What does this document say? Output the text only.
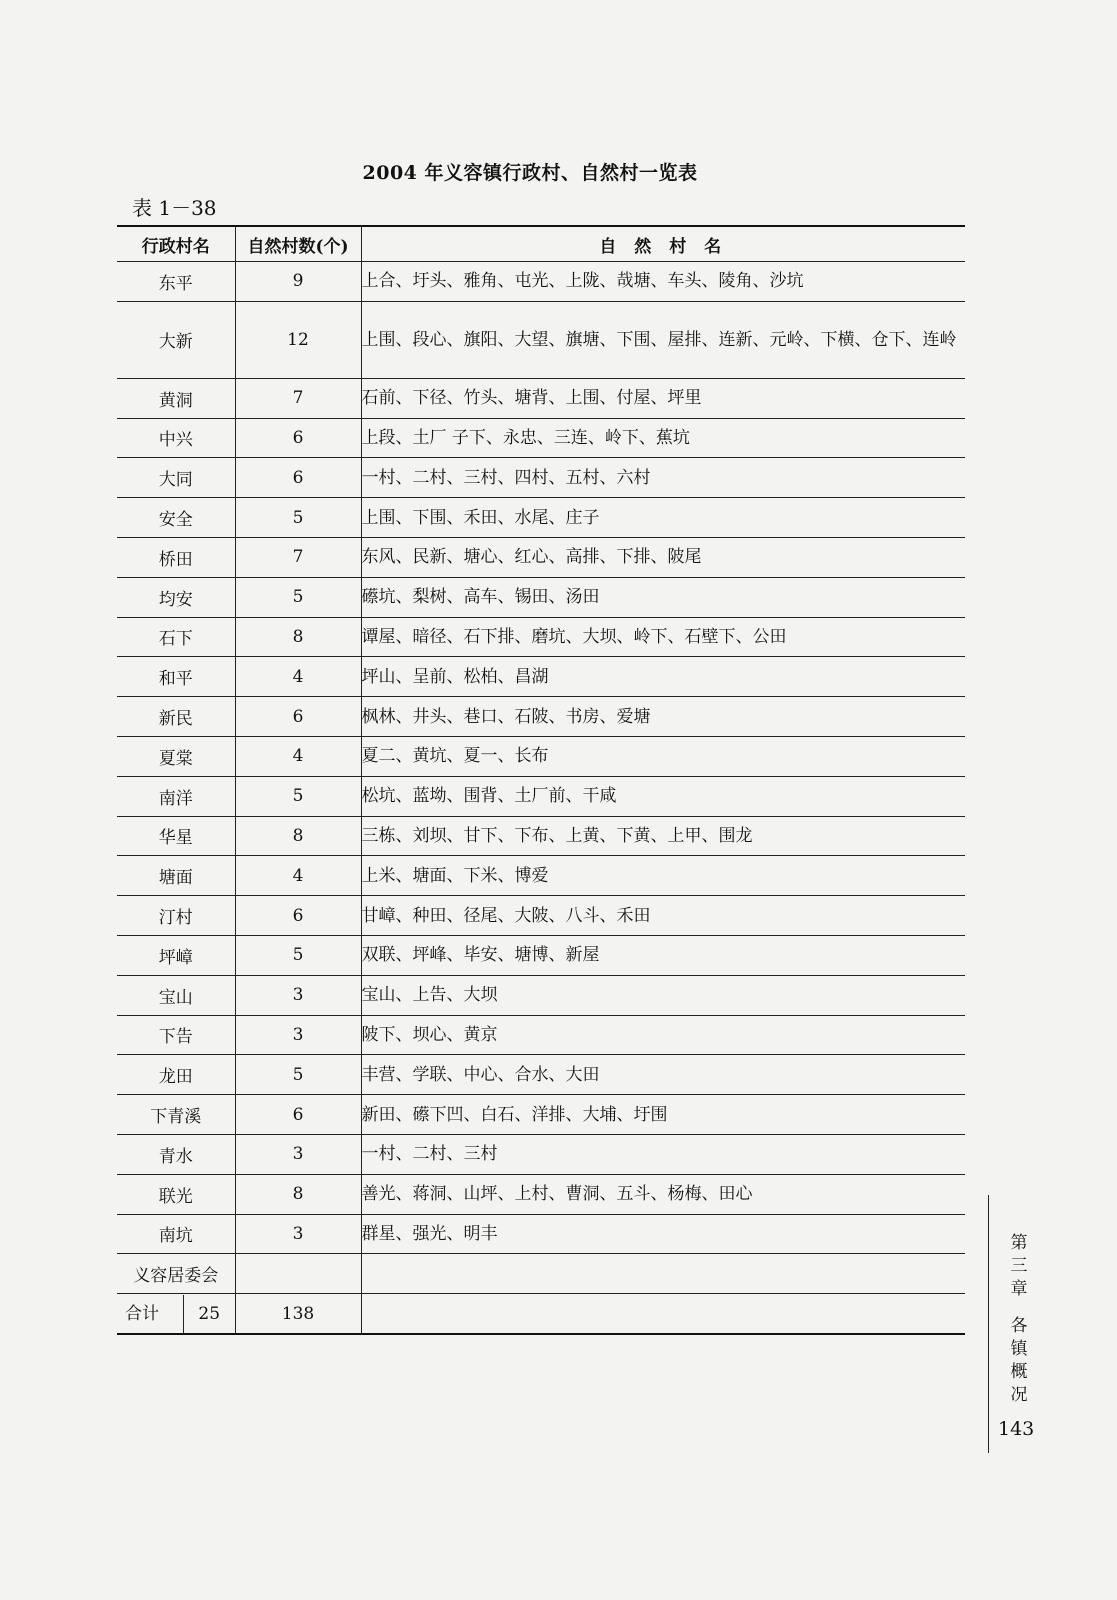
2004 年义容镇行政村、自然村一览表
表 1－38
行政村名	自然村数(个)	自 然 村 名
东平	9	上合、圩头、雅角、屯光、上陇、哉塘、车头、陵角、沙坑
大新	12	上围、段心、旗阳、大望、旗塘、下围、屋排、连新、元岭、下横、仓下、连岭
黄洞	7	石前、下径、竹头、塘背、上围、付屋、坪里
中兴	6	上段、土厂 子下、永忠、三连、岭下、蕉坑
大同	6	一村、二村、三村、四村、五村、六村
安全	5	上围、下围、禾田、水尾、庄子
桥田	7	东风、民新、塘心、红心、高排、下排、陂尾
均安	5	礤坑、梨树、高车、锡田、汤田
石下	8	谭屋、暗径、石下排、磨坑、大坝、岭下、石壁下、公田
和平	4	坪山、呈前、松柏、昌湖
新民	6	枫林、井头、巷口、石陂、书房、爱塘
夏棠	4	夏二、黄坑、夏一、长布
南洋	5	松坑、蓝坳、围背、土厂前、干咸
华星	8	三栋、刘坝、甘下、下布、上黄、下黄、上甲、围龙
塘面	4	上米、塘面、下米、博爱
汀村	6	甘嶂、种田、径尾、大陂、八斗、禾田
坪嶂	5	双联、坪峰、毕安、塘博、新屋
宝山	3	宝山、上告、大坝
下告	3	陂下、坝心、黄京
龙田	5	丰营、学联、中心、合水、大田
下青溪	6	新田、礤下凹、白石、洋排、大埔、圩围
青水	3	一村、二村、三村
联光	8	善光、蒋洞、山坪、上村、曹洞、五斗、杨梅、田心
南坑	3	群星、强光、明丰
义容居委会		

合计 25	138	
第
三
章
各
镇
概
况
143
